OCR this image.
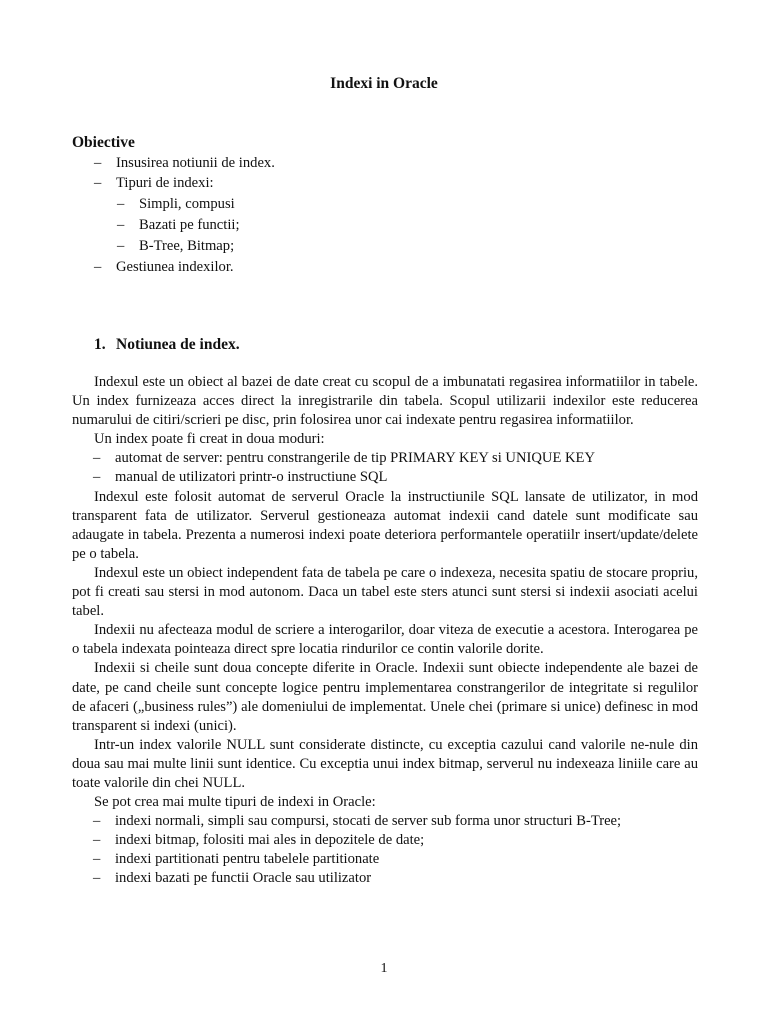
Indexi in Oracle
Obiective
– Insusirea notiunii de index.
– Tipuri de indexi:
– Simpli, compusi
– Bazati pe functii;
– B-Tree, Bitmap;
– Gestiunea indexilor.
1. Notiunea de index.

Indexul este un obiect al bazei de date creat cu scopul de a imbunatati regasirea informatiilor in tabele. Un index furnizeaza acces direct la inregistrarile din tabela. Scopul utilizarii indexilor este reducerea numarului de citiri/scrieri pe disc, prin folosirea unor cai indexate pentru regasirea informatiilor.

Un index poate fi creat in doua moduri:

– automat de server: pentru constrangerile de tip PRIMARY KEY si UNIQUE KEY
– manual de utilizatori printr-o instructiune SQL

Indexul este folosit automat de serverul Oracle la instructiunile SQL lansate de utilizator, in mod transparent fata de utilizator. Serverul gestioneaza automat indexii cand datele sunt modificate sau adaugate in tabela. Prezenta a numerosi indexi poate deteriora performantele operatiilr insert/update/delete pe o tabela.

Indexul este un obiect independent fata de tabela pe care o indexeza, necesita spatiu de stocare propriu, pot fi creati sau stersi in mod autonom. Daca un tabel este sters atunci sunt stersi si indexii asociati acelui tabel.

Indexii nu afecteaza modul de scriere a interogarilor, doar viteza de executie a acestora. Interogarea pe o tabela indexata pointeaza direct spre locatia rindurilor ce contin valorile dorite.

Indexii si cheile sunt doua concepte diferite in Oracle. Indexii sunt obiecte independente ale bazei de date, pe cand cheile sunt concepte logice pentru implementarea constrangerilor de integritate si regulilor de afaceri („business rules”) ale domeniului de implementat. Unele chei (primare si unice) definesc in mod transparent si indexi (unici).

Intr-un index valorile NULL sunt considerate distincte, cu exceptia cazului cand valorile ne-nule din doua sau mai multe linii sunt identice. Cu exceptia unui index bitmap, serverul nu indexeaza liniile care au toate valorile din chei NULL.

Se pot crea mai multe tipuri de indexi in Oracle:

– indexi normali, simpli sau compursi, stocati de server sub forma unor structuri B-Tree;
– indexi bitmap, folositi mai ales in depozitele de date;
– indexi partitionati pentru tabelele partitionate
– indexi bazati pe functii Oracle sau utilizator
1
